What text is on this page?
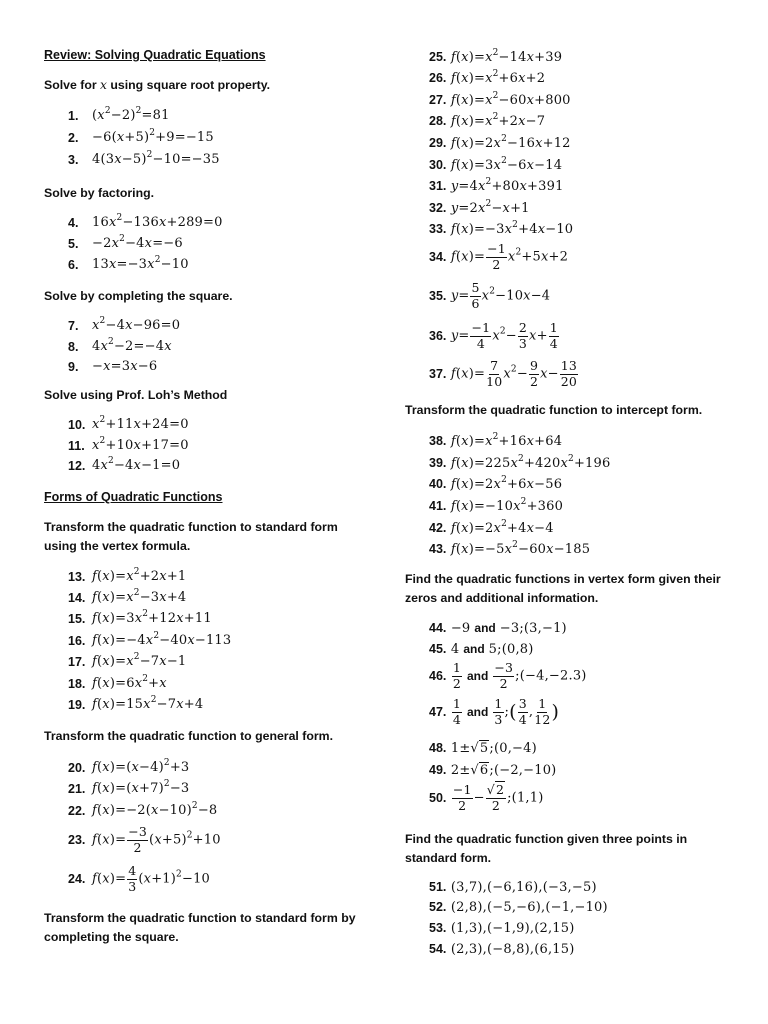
Review: Solving Quadratic Equations
Solve for x using square root property.
1.	$(x^2-2)^2=81$
2.	$-6(x+5)^2+9=-15$
3.	$4(3x-5)^2-10=-35$
Solve by factoring.
4.	$16x^2-136x+289=0$
5.	$-2x^2-4x=-6$
6.	$13x=-3x^2-10$
Solve by completing the square.
7.	$x^2-4x-96=0$
8.	$4x^2-2=-4x$
9.	−x=3x−6
Solve using Prof. Loh’s Method
10. $x^2+11x+24=0$
11. $x^2+10x+17=0$
12. $4x^2-4x-1=0$
Forms of Quadratic Functions
Transform the quadratic function to standard form using the vertex formula.
13. $f(x)=x^2+2x+1$
14. $f(x)=x^2-3x+4$
15. $f(x)=3x^2+12x+11$
16. $f(x)=-4x^2-40x-113$
17. $f(x)=x^2-7x-1$
18. $f(x)=6x^2+x$
19. $f(x)=15x^2-7x+4$
Transform the quadratic function to general form.
20. $f(x)=(x-4)^2+3$
21. $f(x)=(x+7)^2-3$
22. $f(x)=-2(x-10)^2-8$
23. $f(x)= \frac{-3}{2} (x+5)^2+10$
24. $f(x)= \frac{4}{3} (x+1)^2-10$
Transform the quadratic function to standard form by completing the square.
25.
$f(x)=x^2-14x+39$
26.
$f(x)=x^2+6x+2$
27.
$f(x)=x^2-60x+800$
28.
$f(x)=x^2+2x-7$
29.
$f(x)=2x^2-16x+12$
30.
$f(x)=3x^2-6x-14$
31.
$y=4x^2+80x+391$
32.
$y=2x^2-x+1$
33.
$f(x)=-3x^2+4x-10$
34.
$f(x)= \frac{-1}{2} x^2+5x+2$
35.
$y= \frac{5}{6} x^2-10x-4$
36.
$y= \frac{-1}{4} x^2- \frac{2}{3} x+ \frac{1}{4}$
37.
$f(x)= \frac{7}{10} x^2- \frac{9}{2} x- \frac{13}{20}$
Transform the quadratic function to intercept form.
38.
$f(x)=x^2+16x+64$
39.
$f(x)=225x^2+420x^2+196$
40.
$f(x)=2x^2+6x-56$
41.
$f(x)=-10x^2+360$
42.
$f(x)=2x^2+4x-4$
43.
$f(x)=-5x^2-60x-185$
Find the quadratic functions in vertex form given their zeros and additional information.
44.
−9 and −3;(3,−1)
45.
4 and 5;(0,8)
46.
$\frac{1}{2}$ and $\frac{-3}{2}$ ;(−4,−2.3)
47.
$\frac{1}{4}$ and $\frac{1}{3}$ ;( $\frac{3}{4}$ , $\frac{1}{12}$ )
48.
1±√5;(0,−4)
49.
2±√6;(−2,−10)
50.
$\frac{-1}{2} - \frac{√2}{2}$ ;(1,1)
Find the quadratic function given three points in standard form.
51.
(3,7),(−6,16),(−3,−5)
52.
(2,8),(−5,−6),(−1,−10)
53.
(1,3),(−1,9),(2,15)
54.
(2,3),(−8,8),(6,15)
